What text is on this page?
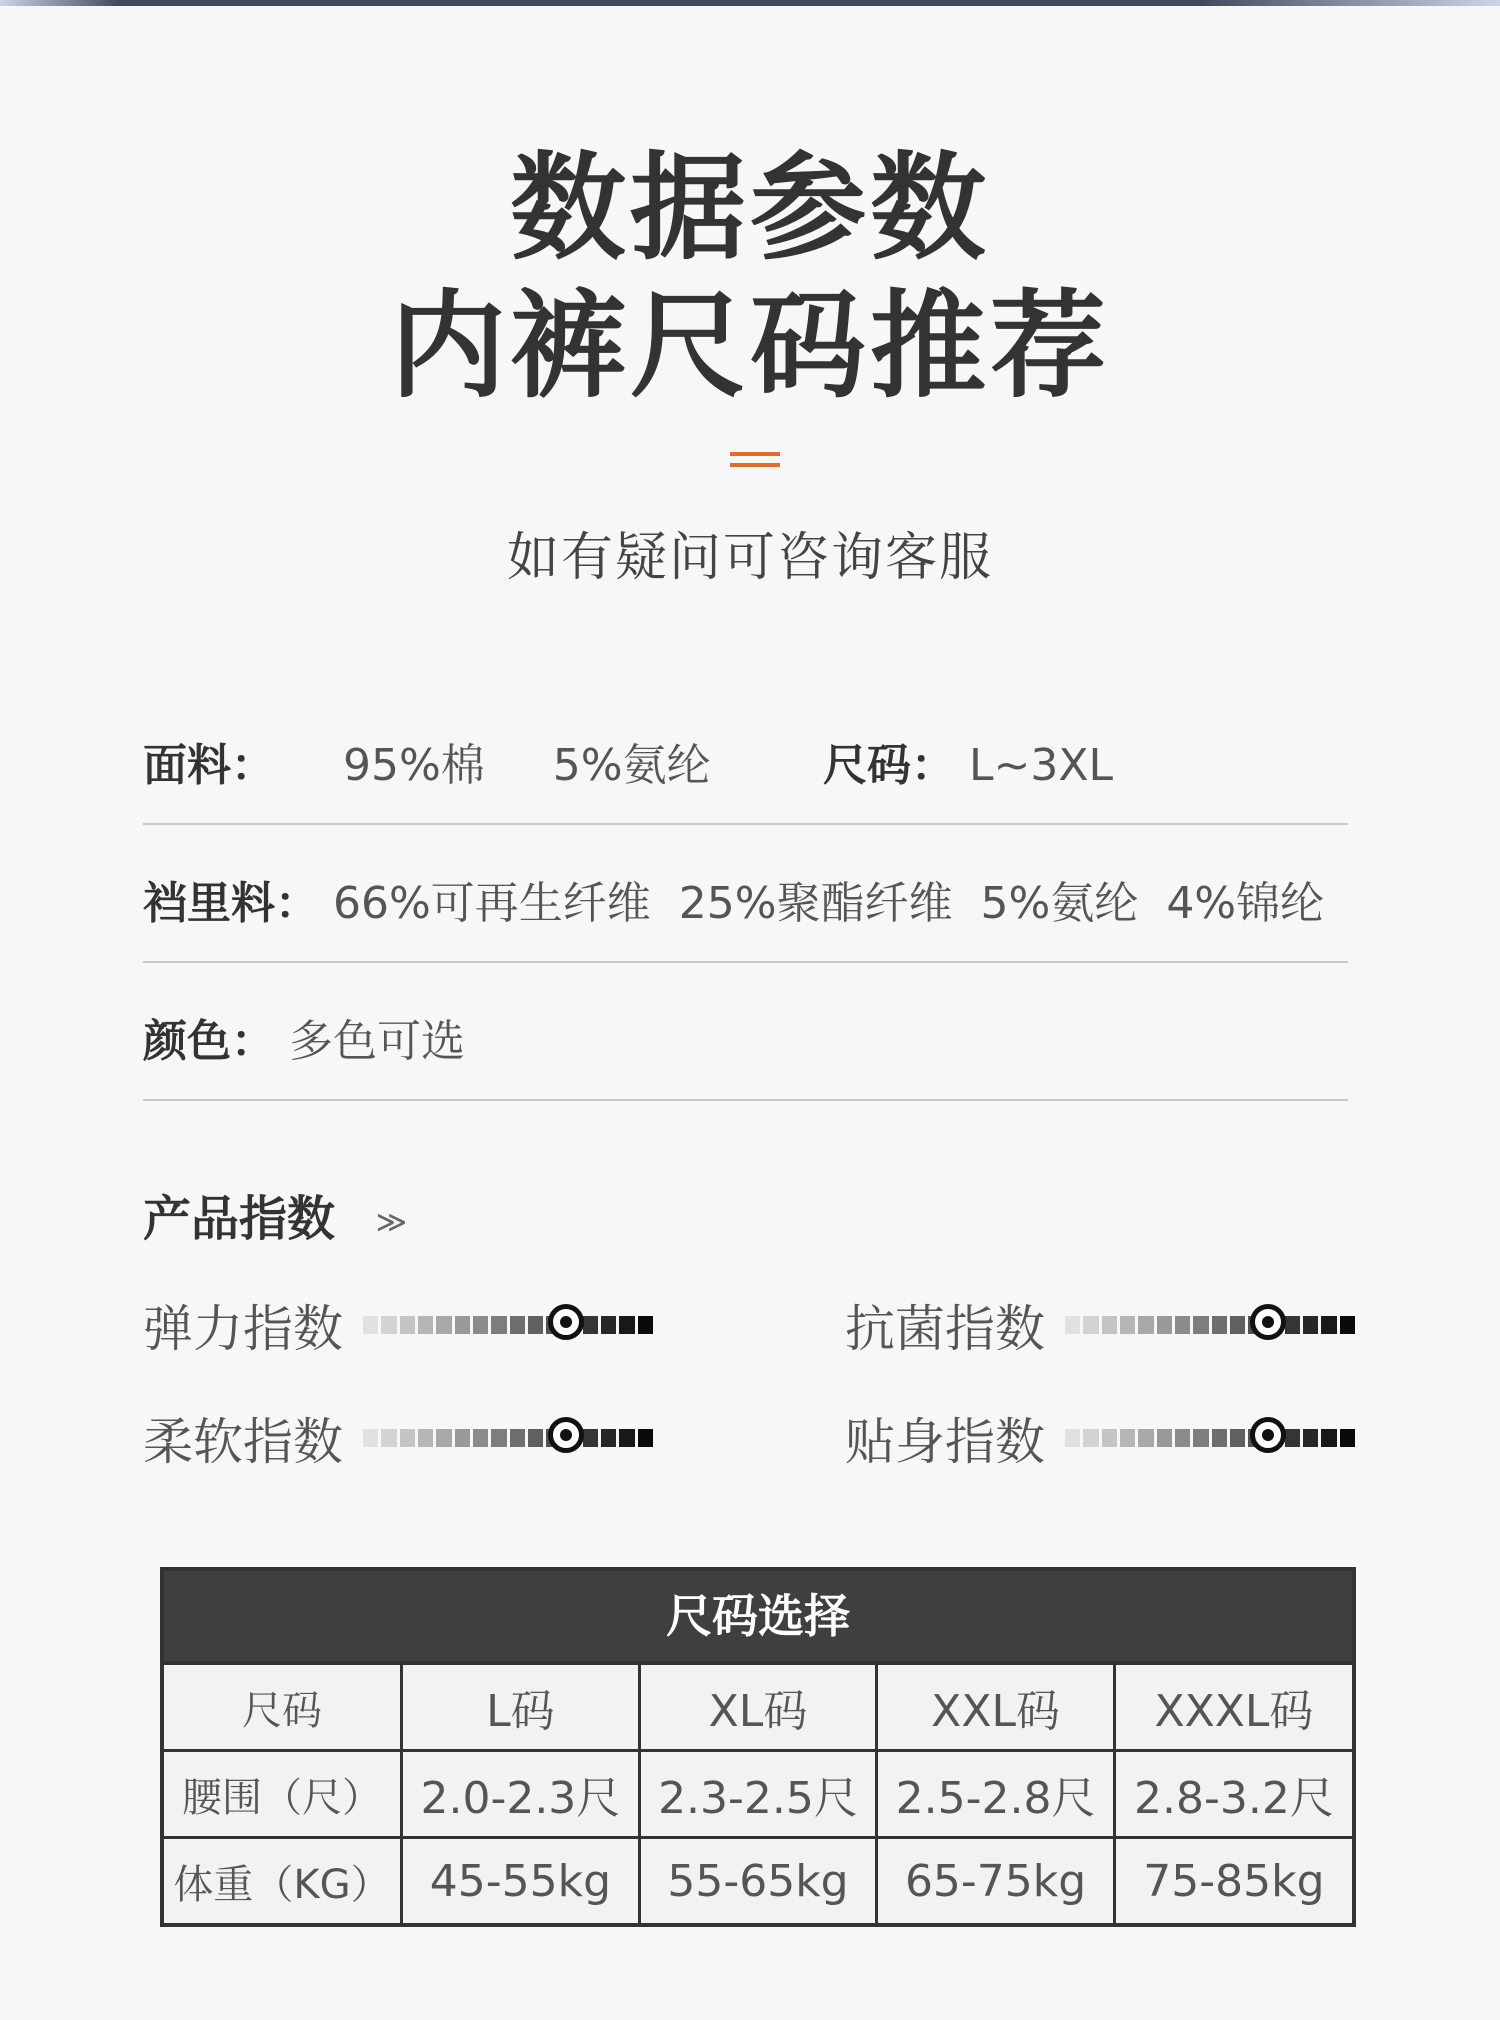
数据参数
内裤尺码推荐
如有疑问可咨询客服
面料： 95%棉 5%氨纶	尺码： L~3XL
裆里料： 66%可再生纤维  25%聚酯纤维  5%氨纶  4%锦纶
颜色： 多色可选
产品指数 ≫
弹力指数	抗菌指数
柔软指数	贴身指数
尺码选择
尺码	L码	XL码	XXL码	XXXL码
腰围（尺）	2.0-2.3尺	2.3-2.5尺	2.5-2.8尺	2.8-3.2尺
体重（KG）	45-55kg	55-65kg	65-75kg	75-85kg
